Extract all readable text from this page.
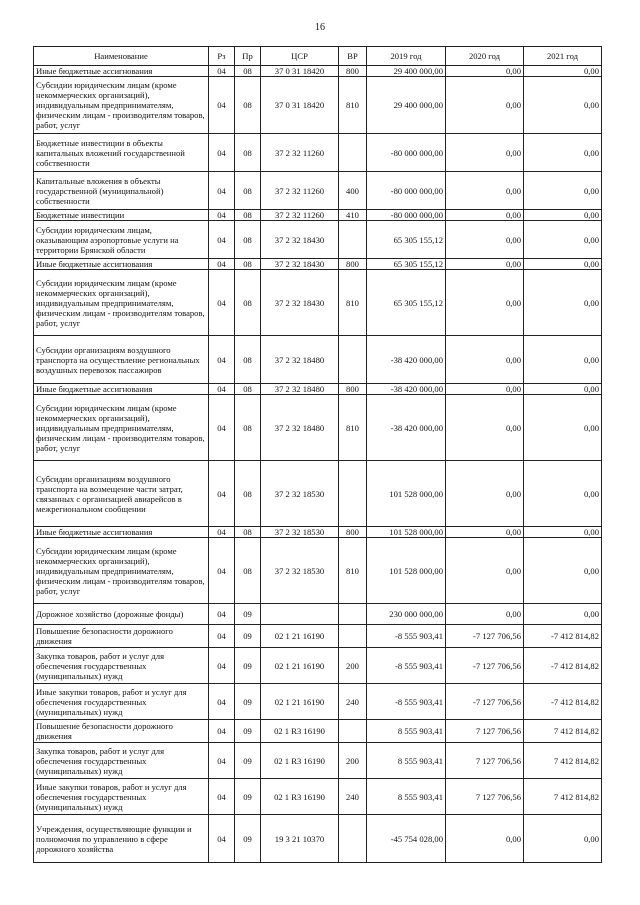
16
Наименование	Рз	Пр	ЦСР	ВР	2019 год	2020 год	2021 год
Иные бюджетные ассигнования	04	08	37 0 31 18420	800	29 400 000,00	0,00	0,00
Субсидии юридическим лицам (кроме некоммерческих организаций), индивидуальным предпринимателям, физическим лицам - производителям товаров, работ, услуг	04	08	37 0 31 18420	810	29 400 000,00	0,00	0,00
Бюджетные инвестиции в объекты капитальных вложений государственной собственности	04	08	37 2 32 11260		-80 000 000,00	0,00	0,00
Капитальные вложения в объекты государственной (муниципальной) собственности	04	08	37 2 32 11260	400	-80 000 000,00	0,00	0,00
Бюджетные инвестиции	04	08	37 2 32 11260	410	-80 000 000,00	0,00	0,00
Субсидии юридическим лицам, оказывающим аэропортовые услуги на территории Брянской области	04	08	37 2 32 18430		65 305 155,12	0,00	0,00
Иные бюджетные ассигнования	04	08	37 2 32 18430	800	65 305 155,12	0,00	0,00
Субсидии юридическим лицам (кроме некоммерческих организаций), индивидуальным предпринимателям, физическим лицам - производителям товаров, работ, услуг	04	08	37 2 32 18430	810	65 305 155,12	0,00	0,00
Субсидии организациям воздушного транспорта на осуществление региональных воздушных перевозок пассажиров	04	08	37 2 32 18480		-38 420 000,00	0,00	0,00
Иные бюджетные ассигнования	04	08	37 2 32 18480	800	-38 420 000,00	0,00	0,00
Субсидии юридическим лицам (кроме некоммерческих организаций), индивидуальным предпринимателям, физическим лицам - производителям товаров, работ, услуг	04	08	37 2 32 18480	810	-38 420 000,00	0,00	0,00
Субсидии организациям воздушного транспорта на возмещение части затрат, связанных с организацией авиарейсов в межрегиональном сообщении	04	08	37 2 32 18530		101 528 000,00	0,00	0,00
Иные бюджетные ассигнования	04	08	37 2 32 18530	800	101 528 000,00	0,00	0,00
Субсидии юридическим лицам (кроме некоммерческих организаций), индивидуальным предпринимателям, физическим лицам - производителям товаров, работ, услуг	04	08	37 2 32 18530	810	101 528 000,00	0,00	0,00
Дорожное хозяйство (дорожные фонды)	04	09			230 000 000,00	0,00	0,00
Повышение безопасности дорожного движения	04	09	02 1 21 16190		-8 555 903,41	-7 127 706,56	-7 412 814,82
Закупка товаров, работ и услуг для обеспечения государственных (муниципальных) нужд	04	09	02 1 21 16190	200	-8 555 903,41	-7 127 706,56	-7 412 814,82
Иные закупки товаров, работ и услуг для обеспечения государственных (муниципальных) нужд	04	09	02 1 21 16190	240	-8 555 903,41	-7 127 706,56	-7 412 814,82
Повышение безопасности дорожного движения	04	09	02 1 R3 16190		8 555 903,41	7 127 706,56	7 412 814,82
Закупка товаров, работ и услуг для обеспечения государственных (муниципальных) нужд	04	09	02 1 R3 16190	200	8 555 903,41	7 127 706,56	7 412 814,82
Иные закупки товаров, работ и услуг для обеспечения государственных (муниципальных) нужд	04	09	02 1 R3 16190	240	8 555 903,41	7 127 706,56	7 412 814,82
Учреждения, осуществляющие функции и полномочия по управлению в сфере дорожного хозяйства	04	09	19 3 21 10370		-45 754 028,00	0,00	0,00
